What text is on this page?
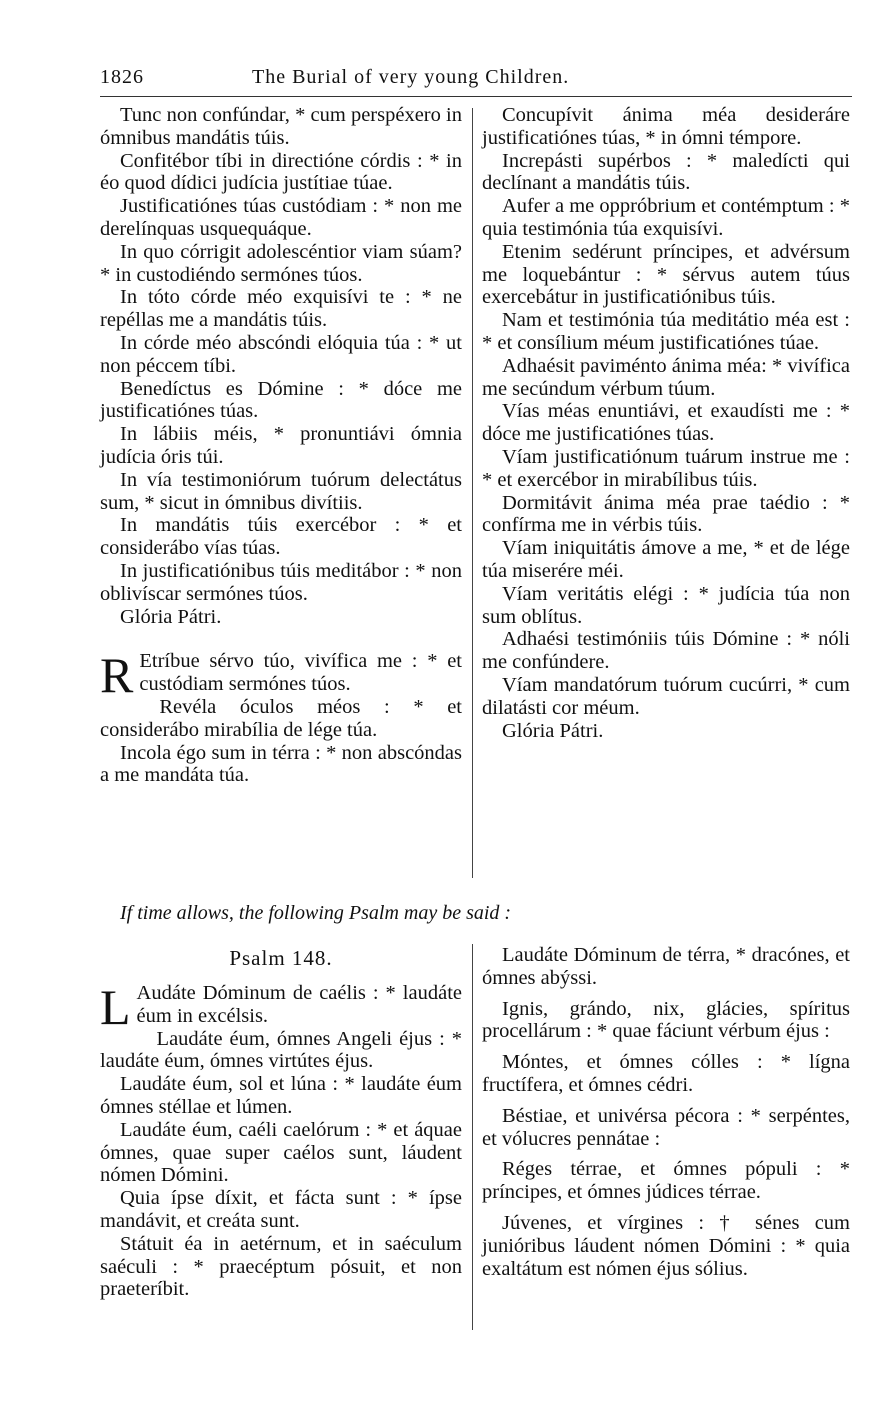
1826	The Burial of very young Children.

Tunc non confúndar, * cum perspéxero in ómnibus mandátis túis.

Confitébor tíbi in directióne córdis : * in éo quod dídici judícia justítiae túae.

Justificatiónes túas custódiam : * non me derelínquas usquequáque.

In quo córrigit adolescéntior viam súam? * in custodiéndo sermónes túos.

In tóto córde méo exquisívi te : * ne repéllas me a mandátis túis.

In córde méo abscóndi elóquia túa : * ut non péccem tíbi.

Benedíctus es Dómine : * dóce me justificatiónes túas.

In lábiis méis, * pronuntiávi ómnia judícia óris túi.

In vía testimoniórum tuórum delectátus sum, * sicut in ómnibus divítiis.

In mandátis túis exercébor : * et considerábo vías túas.

In justificatiónibus túis meditábor : * non oblivíscar sermónes túos.

Glória Pátri.

R Etríbue sérvo túo, vivífica me : * et custódiam sermónes túos.

Revéla óculos méos : * et considerábo mirabília de lége túa.

Incola égo sum in térra : * non abscóndas a me mandáta túa.

Concupívit ánima méa desideráre justificatiónes túas, * in ómni témpore.

Increpásti supérbos : * maledícti qui declínant a mandátis túis.

Aufer a me oppróbrium et contémptum : * quia testimónia túa exquisívi.

Etenim sedérunt príncipes, et advérsum me loquebántur : * sérvus autem túus exercebátur in justificatiónibus túis.

Nam et testimónia túa meditátio méa est : * et consílium méum justificatiónes túae.

Adhaésit paviménto ánima méa: * vivífica me secúndum vérbum túum.

Vías méas enuntiávi, et exaudísti me : * dóce me justificatiónes túas.

Víam justificatiónum tuárum instrue me : * et exercébor in mirabílibus túis.

Dormitávit ánima méa prae taédio : * confírma me in vérbis túis.

Víam iniquitátis ámove a me, * et de lége túa miserére méi.

Víam veritátis elégi : * judícia túa non sum oblítus.

Adhaési testimóniis túis Dómine : * nóli me confúndere.

Víam mandatórum tuórum cucúrri, * cum dilatásti cor méum.

Glória Pátri.

If time allows, the following Psalm may be said :
Psalm 148.
L Audáte Dóminum de caélis : * laudáte éum in excélsis.

Laudáte éum, ómnes Angeli éjus : * laudáte éum, ómnes virtútes éjus.

Laudáte éum, sol et lúna : * laudáte éum ómnes stéllae et lúmen.

Laudáte éum, caéli caelórum : * et áquae ómnes, quae super caélos sunt, láudent nómen Dómini.

Quia ípse díxit, et fácta sunt : * ípse mandávit, et creáta sunt.

Státuit éa in aetérnum, et in saéculum saéculi : * praecéptum pósuit, et non praeteríbit.

Laudáte Dóminum de térra, * dracónes, et ómnes abýssi.

Ignis, grándo, nix, glácies, spíritus procellárum : * quae fáciunt vérbum éjus :

Móntes, et ómnes cólles : * lígna fructífera, et ómnes cédri.

Béstiae, et univérsa pécora : * serpéntes, et vólucres pennátae :

Réges térrae, et ómnes pópuli : * príncipes, et ómnes júdices térrae.

Júvenes, et vírgines : † sénes cum junióribus láudent nómen Dómini : * quia exaltátum est nómen éjus sólius.
